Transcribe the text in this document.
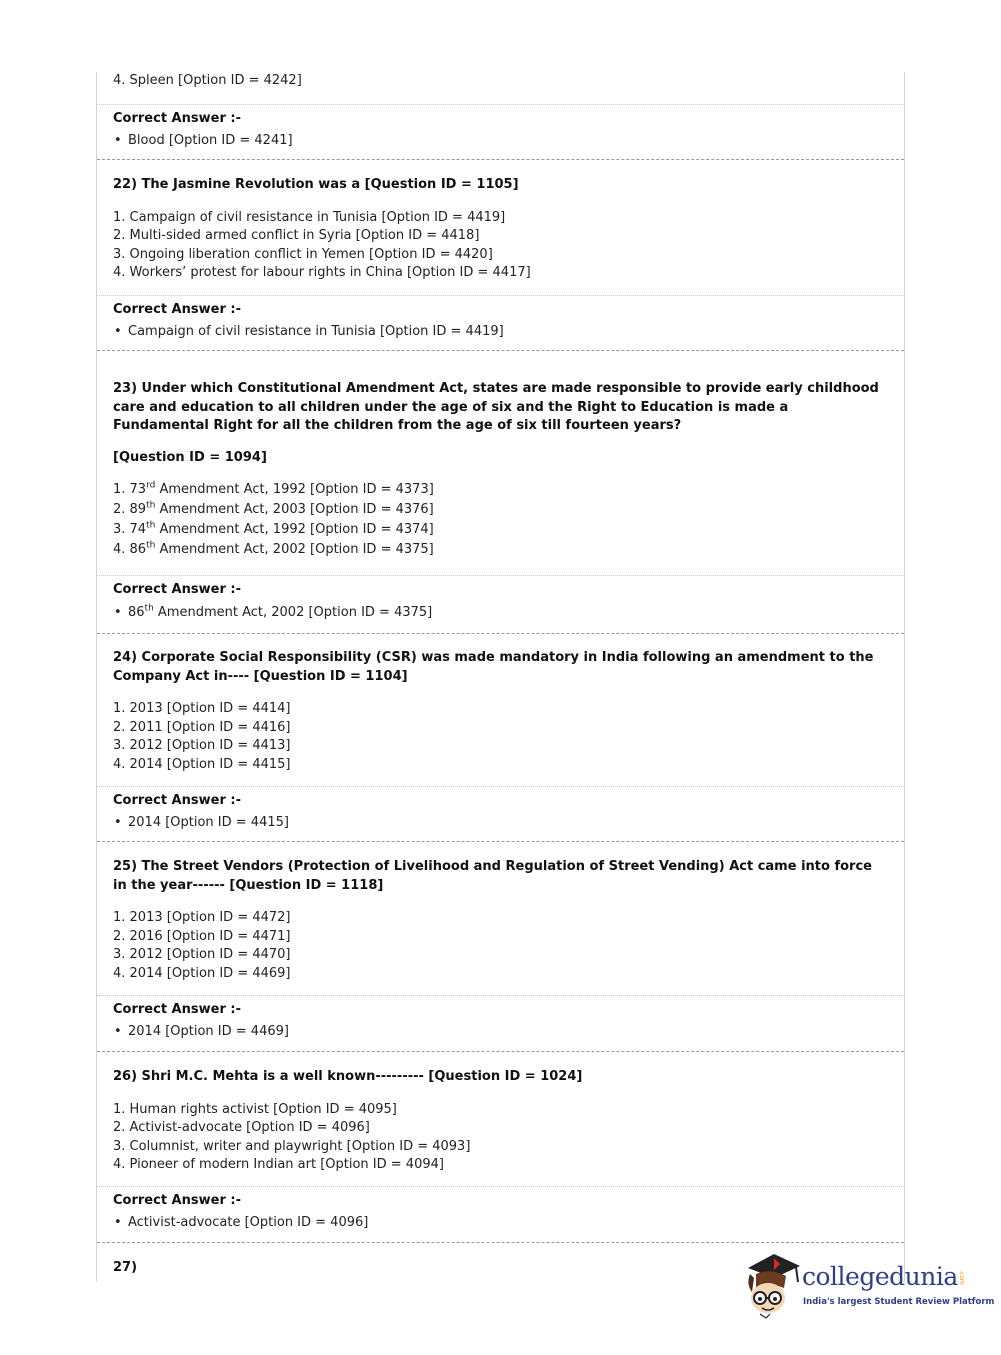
4. Spleen [Option ID = 4242]
Correct Answer :-
• Blood [Option ID = 4241]
22) The Jasmine Revolution was a [Question ID = 1105]
1. Campaign of civil resistance in Tunisia [Option ID = 4419]
2. Multi-sided armed conflict in Syria [Option ID = 4418]
3. Ongoing liberation conflict in Yemen [Option ID = 4420]
4. Workers’ protest for labour rights in China [Option ID = 4417]
Correct Answer :-
• Campaign of civil resistance in Tunisia [Option ID = 4419]
23) Under which Constitutional Amendment Act, states are made responsible to provide early childhood care and education to all children under the age of six and the Right to Education is made a Fundamental Right for all the children from the age of six till fourteen years?
[Question ID = 1094]
1. 73rd Amendment Act, 1992 [Option ID = 4373]
2. 89th Amendment Act, 2003 [Option ID = 4376]
3. 74th Amendment Act, 1992 [Option ID = 4374]
4. 86th Amendment Act, 2002 [Option ID = 4375]
Correct Answer :-
• 86th Amendment Act, 2002 [Option ID = 4375]
24) Corporate Social Responsibility (CSR) was made mandatory in India following an amendment to the Company Act in---- [Question ID = 1104]
1. 2013 [Option ID = 4414]
2. 2011 [Option ID = 4416]
3. 2012 [Option ID = 4413]
4. 2014 [Option ID = 4415]
Correct Answer :-
• 2014 [Option ID = 4415]
25) The Street Vendors (Protection of Livelihood and Regulation of Street Vending) Act came into force in the year------ [Question ID = 1118]
1. 2013 [Option ID = 4472]
2. 2016 [Option ID = 4471]
3. 2012 [Option ID = 4470]
4. 2014 [Option ID = 4469]
Correct Answer :-
• 2014 [Option ID = 4469]
26) Shri M.C. Mehta is a well known--------- [Question ID = 1024]
1. Human rights activist [Option ID = 4095]
2. Activist-advocate [Option ID = 4096]
3. Columnist, writer and playwright [Option ID = 4093]
4. Pioneer of modern Indian art [Option ID = 4094]
Correct Answer :-
• Activist-advocate [Option ID = 4096]
27)	collegedunia .com
India's largest Student Review Platform
